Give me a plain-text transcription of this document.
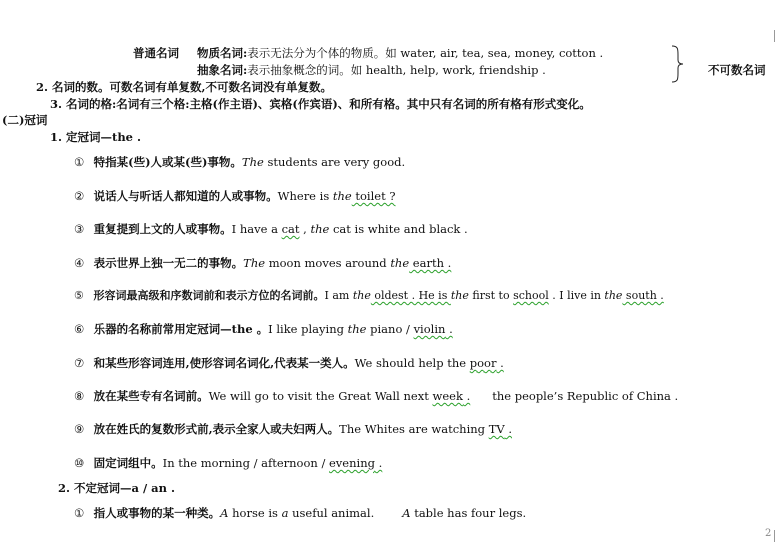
普通名词 物质名词:表示无法分为个体的物质。如 water, air, tea, sea, money, cotton .
抽象名词:表示抽象概念的词。如 health, help, work, friendship .	不可数名词
2. 名词的数。可数名词有单复数,不可数名词没有单复数。
3. 名词的格:名词有三个格:主格(作主语)、宾格(作宾语)、和所有格。其中只有名词的所有格有形式变化。
(二)冠词
1. 定冠词—the .
① 特指某(些)人或某(些)事物。The students are very good.
② 说话人与听话人都知道的人或事物。Where is the toilet ?
③ 重复提到上文的人或事物。I have a cat , the cat is white and black .
④ 表示世界上独一无二的事物。The moon moves around the earth .
⑤ 形容词最高级和序数词前和表示方位的名词前。I am the oldest . He is the first to school . I live in the south .
⑥ 乐器的名称前常用定冠词—the 。I like playing the piano / violin .
⑦ 和某些形容词连用,使形容词名词化,代表某一类人。We should help the poor .
⑧ 放在某些专有名词前。We will go to visit the Great Wall next week . the people’s Republic of China .
⑨ 放在姓氏的复数形式前,表示全家人或夫妇两人。The Whites are watching TV .
⑩ 固定词组中。In the morning / afternoon / evening .
2. 不定冠词—a / an .
① 指人或事物的某一种类。A horse is a useful animal. A table has four legs.
2
